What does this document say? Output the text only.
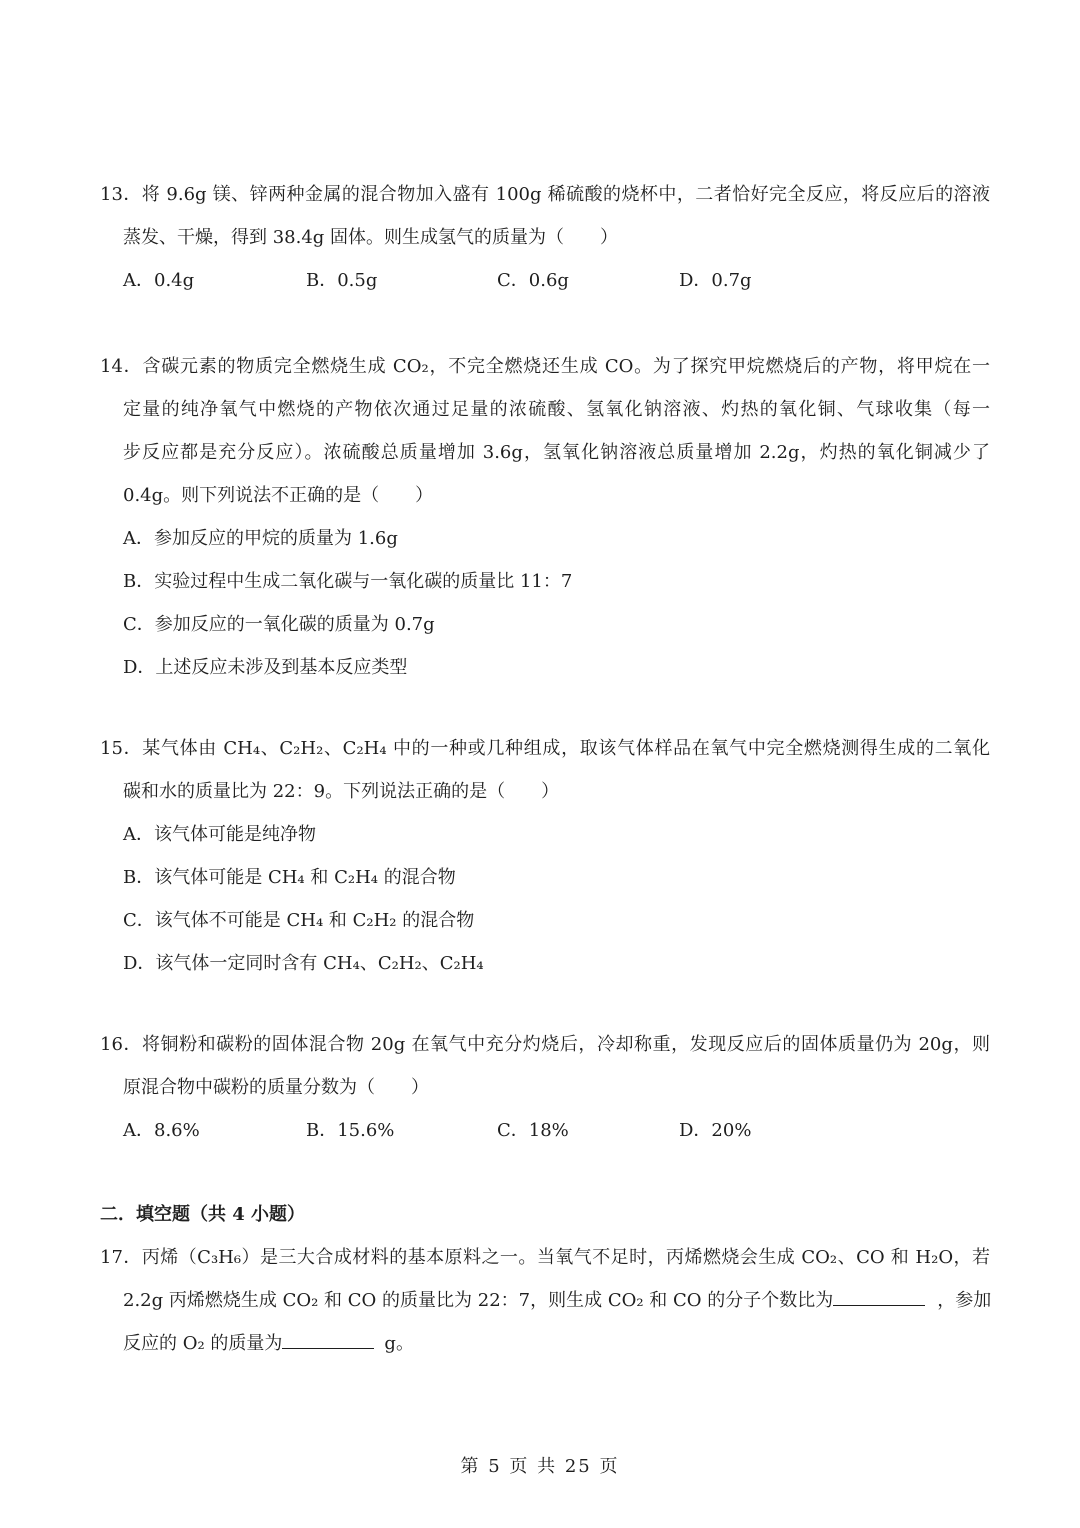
13．将 9.6g 镁、锌两种金属的混合物加入盛有 100g 稀硫酸的烧杯中，二者恰好完全反应，将反应后的溶液
蒸发、干燥，得到 38.4g 固体。则生成氢气的质量为（　　）
A．0.4g	B．0.5g	C．0.6g	D．0.7g
14．含碳元素的物质完全燃烧生成 CO₂，不完全燃烧还生成 CO。为了探究甲烷燃烧后的产物，将甲烷在一
定量的纯净氧气中燃烧的产物依次通过足量的浓硫酸、氢氧化钠溶液、灼热的氧化铜、气球收集（每一
步反应都是充分反应）。浓硫酸总质量增加 3.6g，氢氧化钠溶液总质量增加 2.2g，灼热的氧化铜减少了
0.4g。则下列说法不正确的是（　　）
A．参加反应的甲烷的质量为 1.6g
B．实验过程中生成二氧化碳与一氧化碳的质量比 11：7
C．参加反应的一氧化碳的质量为 0.7g
D．上述反应未涉及到基本反应类型
15．某气体由 CH₄、C₂H₂、C₂H₄ 中的一种或几种组成，取该气体样品在氧气中完全燃烧测得生成的二氧化
碳和水的质量比为 22：9。下列说法正确的是（　　）
A．该气体可能是纯净物
B．该气体可能是 CH₄ 和 C₂H₄ 的混合物
C．该气体不可能是 CH₄ 和 C₂H₂ 的混合物
D．该气体一定同时含有 CH₄、C₂H₂、C₂H₄
16．将铜粉和碳粉的固体混合物 20g 在氧气中充分灼烧后，冷却称重，发现反应后的固体质量仍为 20g，则
原混合物中碳粉的质量分数为（　　）
A．8.6%	B．15.6%	C．18%	D．20%
二．填空题（共 4 小题）
17．丙烯（C₃H₆）是三大合成材料的基本原料之一。当氧气不足时，丙烯燃烧会生成 CO₂、CO 和 H₂O，若
2.2g 丙烯燃烧生成 CO₂ 和 CO 的质量比为 22：7，则生成 CO₂ 和 CO 的分子个数比为	，参加
反应的 O₂ 的质量为	g。
第 5 页 共 25 页
